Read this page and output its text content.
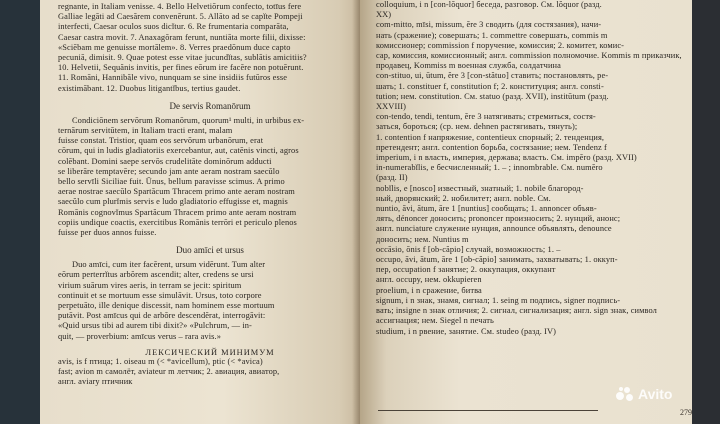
regnante, in Italiam venisse. 4. Bello Helvetiōrum confecto, totīus fere
Galliae legāti ad Caesărem convenērunt. 5. Allāto ad se capĭte Pompeji
interfecti, Caesar oculos suos dicĭtur. 6. Re frumentaria comparāta,
Caesar castra movit. 7. Anaxagŏram ferunt, nuntiāta morte filii, dixisse:
«Sciēbam me genuisse mortālem». 8. Verres praedōnum duce capto
pecuniā, dimisit. 9. Quae potest esse vitae jucundĭtas, sublātis amicitiis?
10. Helvetii, Sequănis invitis, per fines eōrum ire facĕre non potuērunt.
11. Romāni, Hannibăle vivo, nunquam se sine insidiis futūros esse
existimābant. 12. Duobus litigantĭbus, tertius gaudet.
De servis Romanōrum
Condiciōnem servōrum Romanōrum, quorum¹ multi, in urbibus ex-
ternārum servitūtem, in Italiam tracti erant, malam
fuisse constat. Tristior, quam eos servōrum urbanōrum, erat
cōrum, qui in ludis gladiatoriis exercebantur, aut, catēnis vincti, agros
colēbant. Domini saepe servōs crudelitāte dominōrum adducti
se liberāre temptavēre; secundo jam ante aeram nostram saecŭlo
bello servīli Siciliae fuit. Ūnus, bellum paravisse scimus. A primo
aerae nostrae saecŭlo Spartăcum Thracem primo ante aeram nostram
saecŭlo cum plurĭmis servis e ludo gladiatorio effugisse et, magnis
Romānis cognovĭmus Spartăcum Thracem primo ante aeram nostram
copiis undique coactis, exercitibus Romānis terrōri et periculo plenos
fuisse per duos annos fuisse.
Duo amīci et ursus
Duo amīci, cum iter facĕrent, ursum vidērunt. Tum alter
eōrum perterrĭtus arbŏrem ascendit; alter, credens se ursi
virium suārum vires aeris, in terram se jecit: spiritum
continuit et se mortuum esse simulāvit. Ursus, toto corpore
perpetuāto, ille denique discessit, nam hominem esse mortuum
putāvit. Post amīcus qui de arbŏre descendĕrat, interrogāvit:
«Quid ursus tibi ad aurem tibi dixit?» «Pulchrum, — in-
quit, — proverbium: amīcus verus – rara avis.»
ЛЕКСИЧЕСКИЙ МИНИМУМ
avis, is f птица; 1. oiseau m (< *avicellum), ptic (< *avica)
fast; avion m самолёт, aviateur m летчик; 2. авиация, авиатор,
англ. aviary птичник
colloquium, i n [con-lŏquor] беседа, разговор. См. lŏquor (разд.
XX)
com-mitto, mīsi, missum, ĕre 3 сводить (для состязания), начи-
нать (сражение); совершать; 1. commettre совершать, commis m
комиссионер; commission f поручение, комиссия; 2. комитет, комис-
сар, комиссия, комиссионный; англ. commission полномочие. Kommis m приказчик,
продавец, Kommiss m военная служба, солдатчина
con-stituo, ui, ūtum, ĕre 3 [con-stătuo] ставить; постановлять, ре-
шать; 1. constituer f, constitution f; 2. конституция; англ. consti-
tution; нем. constitution. См. statuo (разд. XVII), institūtum (разд.
XXVIII)
con-tendo, tendi, tentum, ĕre 3 натягивать; стремиться, состя-
заться, бороться; (ср. нем. dehnen растягивать, тянуть);
1. contention f напряжение, contentieux спорный; 2. тенденция,
претендент; англ. contention борьба, состязание; нем. Tendenz f
imperium, i n власть, империя, держава; власть. См. impĕro (разд. XVII)
in-numerabĭlis, e бесчисленный; 1. – ; innombrable. См. numĕro
(разд. II)
nobĭlis, e [nosco] известный, знатный; 1. nobile благород-
ный, дворянский; 2. нобилитет; англ. noble. См.
nuntio, āvi, ātum, āre 1 [nuntius] сообщать; 1. annoncer объяв-
лять, dénoncer доносить; prononcer произносить; 2. нунций, анонс;
англ. nunciature служение нунция, announce объявлять, denounce
доносить; нем. Nuntius m
occāsio, ōnis f [ob-căpio] случай, возможность; 1. –
occupo, āvi, ātum, āre 1 [ob-căpio] занимать, захватывать; 1. оккуп-
пер, occupation f занятие; 2. оккупация, оккупант
англ. occupy, нем. okkupieren
proelium, i n сражение, битва
signum, i n знак, знамя, сигнал; 1. seing m подпись, signer подпись-
вать; insigne n знак отличия; 2. сигнал, сигнализация; англ. sign знак, символ
ассигнация; нем. Siegel n печать
studium, i n рвение, занятие. См. studeo (разд. IV)
279
Avito
